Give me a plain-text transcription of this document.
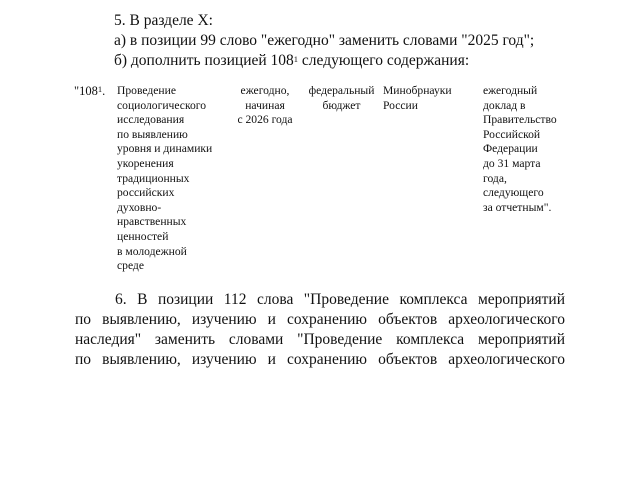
5. В разделе X:
а) в позиции 99 слово "ежегодно" заменить словами "2025 год";
б) дополнить позицией $108^1$ следующего содержания:
"$108^1$. Проведение
социологического
исследования
по выявлению
уровня и динамики
укоренения
традиционных
российских
духовно-
нравственных
ценностей
в молодежной
среде
ежегодно,
начиная
с 2026 года
федеральный
бюджет
Минобрнауки
России
ежегодный
доклад в
Правительство
Российской
Федерации
до 31 марта
года,
следующего
за отчетным".
6. В позиции 112 слова "Проведение комплекса мероприятий
по выявлению, изучению и сохранению объектов археологического
наследия" заменить словами "Проведение комплекса мероприятий
по выявлению, изучению и сохранению объектов археологического
